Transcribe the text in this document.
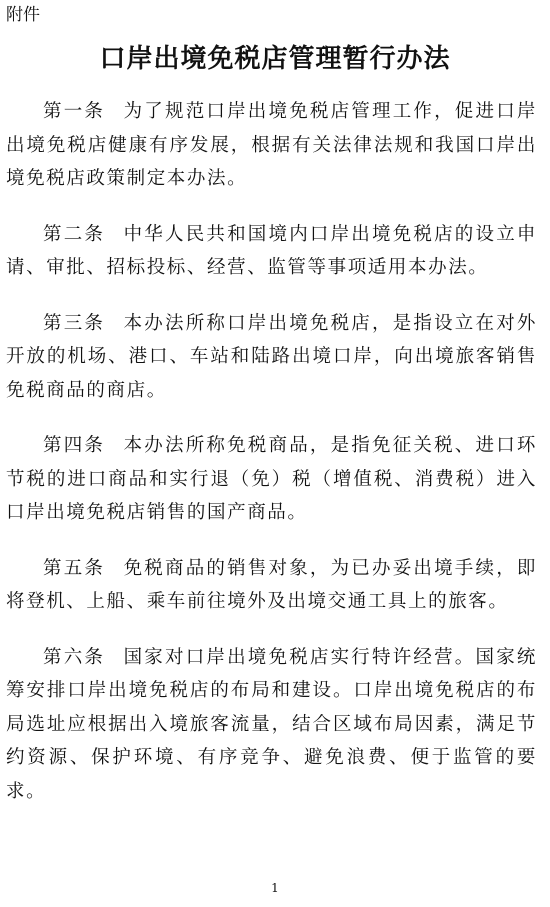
附件
口岸出境免税店管理暂行办法

第一条 为了规范口岸出境免税店管理工作，促进口岸出境免税店健康有序发展，根据有关法律法规和我国口岸出境免税店政策制定本办法。

第二条 中华人民共和国境内口岸出境免税店的设立申请、审批、招标投标、经营、监管等事项适用本办法。

第三条 本办法所称口岸出境免税店，是指设立在对外开放的机场、港口、车站和陆路出境口岸，向出境旅客销售免税商品的商店。

第四条 本办法所称免税商品，是指免征关税、进口环节税的进口商品和实行退（免）税（增值税、消费税）进入口岸出境免税店销售的国产商品。

第五条 免税商品的销售对象，为已办妥出境手续，即将登机、上船、乘车前往境外及出境交通工具上的旅客。

第六条 国家对口岸出境免税店实行特许经营。国家统筹安排口岸出境免税店的布局和建设。口岸出境免税店的布局选址应根据出入境旅客流量，结合区域布局因素，满足节约资源、保护环境、有序竞争、避免浪费、便于监管的要求。

1
